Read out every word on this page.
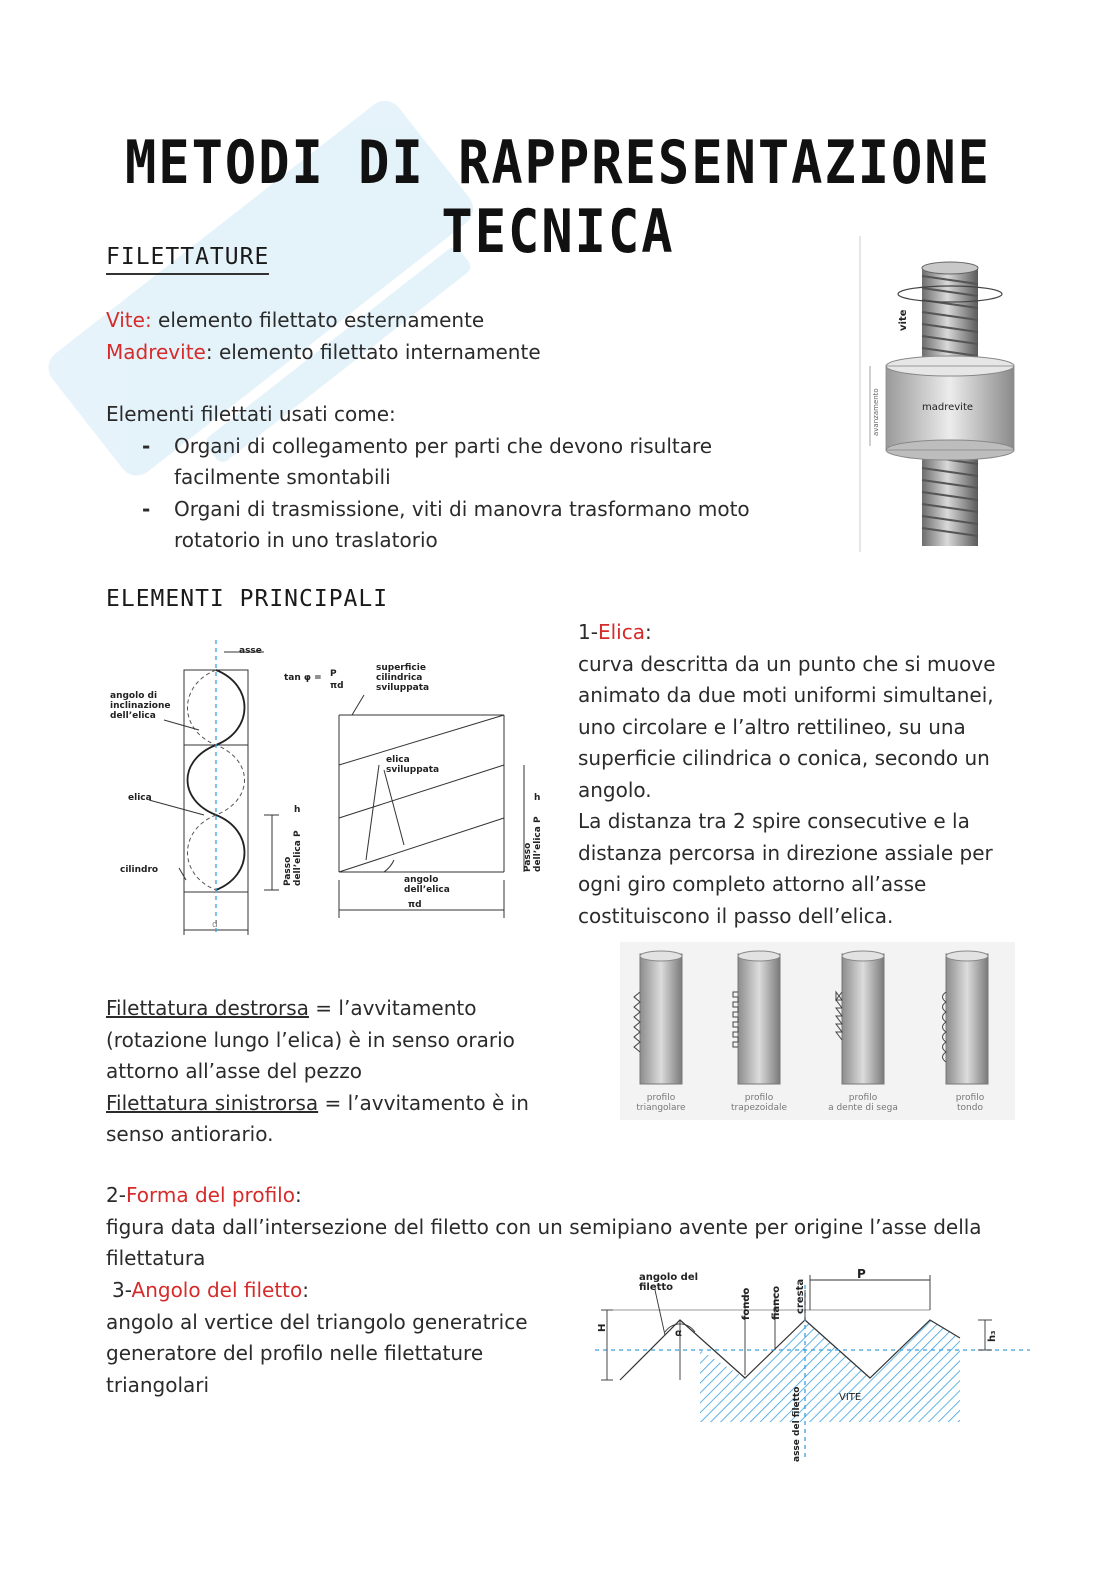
METODI DI RAPPRESENTAZIONE TECNICA
FILETTATURE
Vite: elemento filettato esternamente
Madrevite: elemento filettato internamente
Elementi filettati usati come:
- Organi di collegamento per parti che devono risultare facilmente smontabili
- Organi di trasmissione, viti di manovra trasformano moto rotatorio in uno traslatorio
vite
madrevite
avanzamento
ELEMENTI PRINCIPALI
1-Elica:
curva descritta da un punto che si muove animato da due moti uniformi simultanei, uno circolare e l’altro rettilineo, su una superficie cilindrica o conica, secondo un angolo.
La distanza tra 2 spire consecutive e la distanza percorsa in direzione assiale per ogni giro completo attorno all’asse costituiscono il passo dell’elica.
asse
tan φ = P
πd
superficie
cilindrica
sviluppata
angolo di
inclinazione
dell’elica
elica
cilindro	Passo dell’elica P
elica
sviluppata
angolo
dell’elica
πd
d
h
h
Passo dell’elica P
profilo
triangolare
profilo
trapezoidale
profilo
a dente di sega
profilo
tondo
Filettatura destrorsa = l’avvitamento (rotazione lungo l’elica) è in senso orario attorno all’asse del pezzo
Filettatura sinistrorsa = l’avvitamento è in senso antiorario.
2-Forma del profilo:
figura data dall’intersezione del filetto con un semipiano avente per origine l’asse della filettatura
3-Angolo del filetto:
angolo al vertice del triangolo generatrice generatore del profilo nelle filettature triangolari
angolo del
filetto
fondo fianco cresta
P
H
α	h₃
VITE
asse del filetto
